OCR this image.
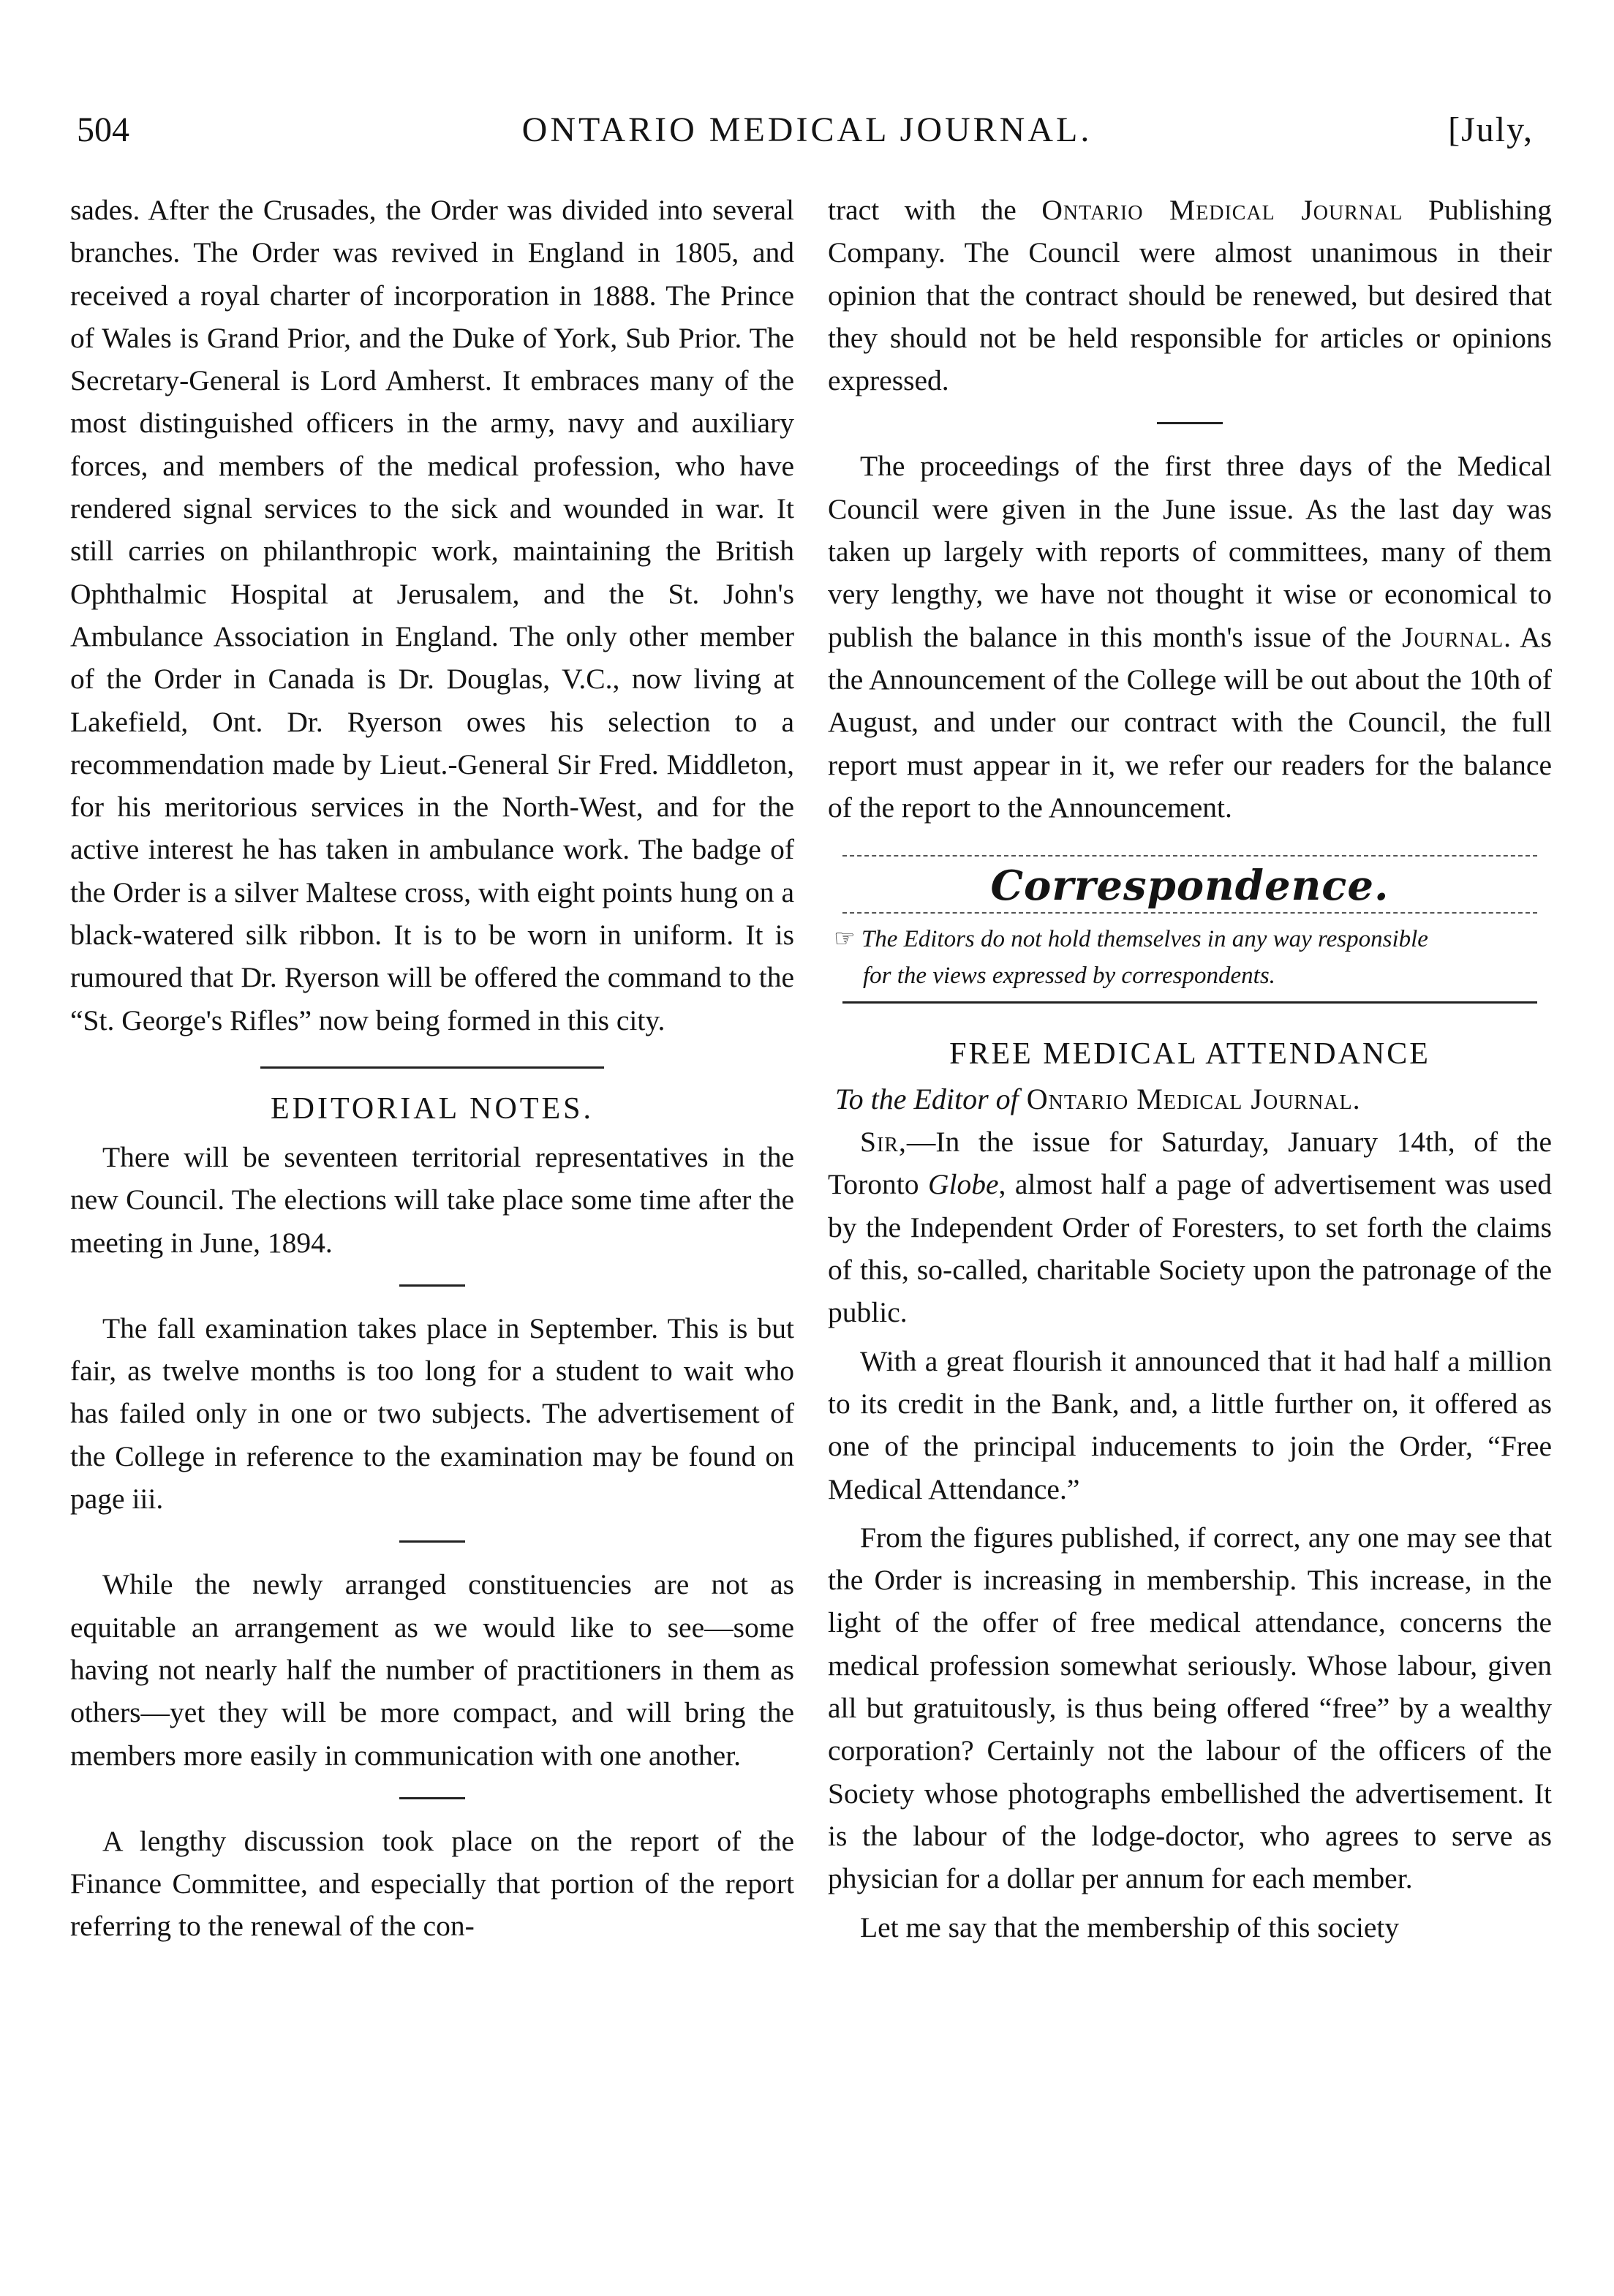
504	ONTARIO MEDICAL JOURNAL.	[July,

sades. After the Crusades, the Order was divided into several branches. The Order was revived in England in 1805, and received a royal charter of incorporation in 1888. The Prince of Wales is Grand Prior, and the Duke of York, Sub Prior. The Secretary-General is Lord Amherst. It embraces many of the most distinguished officers in the army, navy and auxiliary forces, and members of the medical profession, who have rendered signal services to the sick and wounded in war. It still carries on philanthropic work, maintaining the British Ophthalmic Hospital at Jerusalem, and the St. John's Ambulance Association in England. The only other member of the Order in Canada is Dr. Douglas, V.C., now living at Lakefield, Ont. Dr. Ryerson owes his selection to a recommendation made by Lieut.-General Sir Fred. Middleton, for his meritorious services in the North-West, and for the active interest he has taken in ambulance work. The badge of the Order is a silver Maltese cross, with eight points hung on a black-watered silk ribbon. It is to be worn in uniform. It is rumoured that Dr. Ryerson will be offered the command to the “St. George's Rifles” now being formed in this city.

EDITORIAL NOTES.

There will be seventeen territorial representatives in the new Council. The elections will take place some time after the meeting in June, 1894.

The fall examination takes place in September. This is but fair, as twelve months is too long for a student to wait who has failed only in one or two subjects. The advertisement of the College in reference to the examination may be found on page iii.

While the newly arranged constituencies are not as equitable an arrangement as we would like to see—some having not nearly half the number of practitioners in them as others—yet they will be more compact, and will bring the members more easily in communication with one another.

A lengthy discussion took place on the report of the Finance Committee, and especially that portion of the report referring to the renewal of the con-

tract with the Ontario Medical Journal Publishing Company. The Council were almost unanimous in their opinion that the contract should be renewed, but desired that they should not be held responsible for articles or opinions expressed.

The proceedings of the first three days of the Medical Council were given in the June issue. As the last day was taken up largely with reports of committees, many of them very lengthy, we have not thought it wise or economical to publish the balance in this month's issue of the Journal. As the Announcement of the College will be out about the 10th of August, and under our contract with the Council, the full report must appear in it, we refer our readers for the balance of the report to the Announcement.

Correspondence.
☞ The Editors do not hold themselves in any way responsible
for the views expressed by correspondents.
FREE MEDICAL ATTENDANCE

To the Editor of Ontario Medical Journal.

Sir,—In the issue for Saturday, January 14th, of the Toronto Globe, almost half a page of advertisement was used by the Independent Order of Foresters, to set forth the claims of this, so-called, charitable Society upon the patronage of the public.

With a great flourish it announced that it had half a million to its credit in the Bank, and, a little further on, it offered as one of the principal inducements to join the Order, “Free Medical Attendance.”

From the figures published, if correct, any one may see that the Order is increasing in membership. This increase, in the light of the offer of free medical attendance, concerns the medical profession somewhat seriously. Whose labour, given all but gratuitously, is thus being offered “free” by a wealthy corporation? Certainly not the labour of the officers of the Society whose photographs embellished the advertisement. It is the labour of the lodge-doctor, who agrees to serve as physician for a dollar per annum for each member.

Let me say that the membership of this society
